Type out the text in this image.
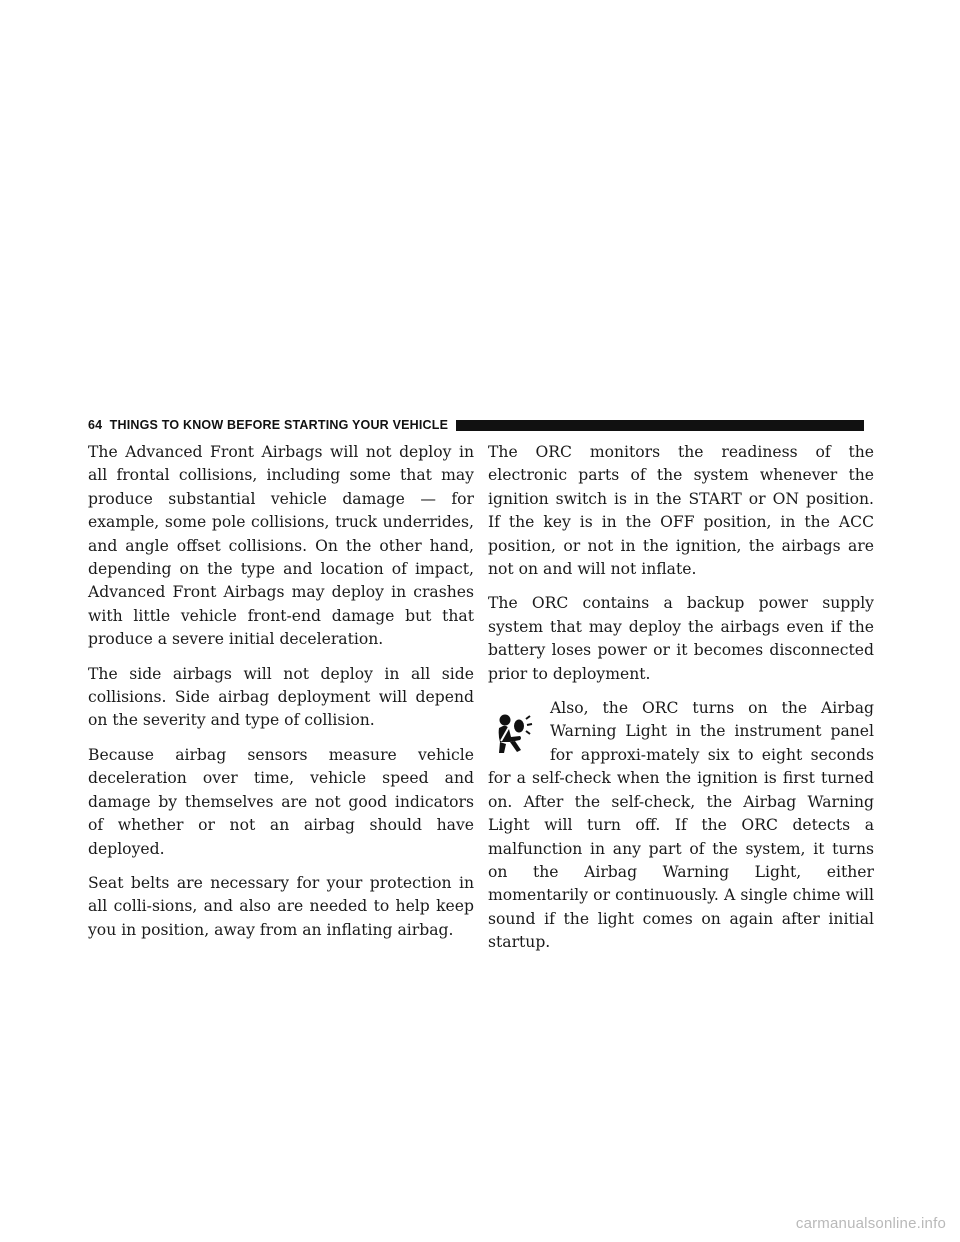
64 THINGS TO KNOW BEFORE STARTING YOUR VEHICLE

The Advanced Front Airbags will not deploy in all frontal collisions, including some that may produce substantial vehicle damage — for example, some pole collisions, truck underrides, and angle offset collisions. On the other hand, depending on the type and location of impact, Advanced Front Airbags may deploy in crashes with little vehicle front-end damage but that produce a severe initial deceleration.

The side airbags will not deploy in all side collisions. Side airbag deployment will depend on the severity and type of collision.

Because airbag sensors measure vehicle deceleration over time, vehicle speed and damage by themselves are not good indicators of whether or not an airbag should have deployed.

Seat belts are necessary for your protection in all colli-sions, and also are needed to help keep you in position, away from an inflating airbag.

The ORC monitors the readiness of the electronic parts of the system whenever the ignition switch is in the START or ON position. If the key is in the OFF position, in the ACC position, or not in the ignition, the airbags are not on and will not inflate.

The ORC contains a backup power supply system that may deploy the airbags even if the battery loses power or it becomes disconnected prior to deployment.

Also, the ORC turns on the Airbag Warning Light in the instrument panel for approxi-mately six to eight seconds for a self-check when the ignition is first turned on. After the self-check, the Airbag Warning Light will turn off. If the ORC detects a malfunction in any part of the system, it turns on the Airbag Warning Light, either momentarily or continuously. A single chime will sound if the light comes on again after initial startup.
carmanualsonline.info
